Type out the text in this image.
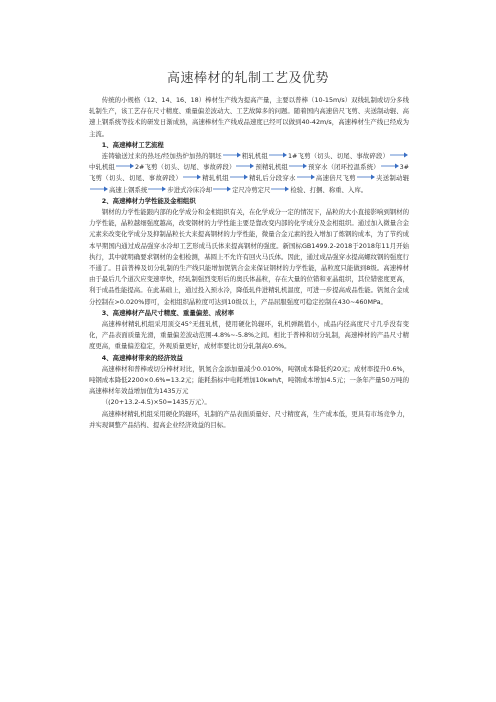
高速棒材的轧制工艺及优势

传统的小规格（12、14、16、18）棒材生产线为提高产量，主要以普棒（10-15m/s）双线轧制或切分多线轧制生产，该工艺存在尺寸精度、重量偏差波动大、工艺故障多的问题。随着国内高速倍尺飞剪、夹送制动辊、高速上钢系统等技术的研发日渐成熟，高速棒材生产线成品速度已经可以做到40-42m/s，高速棒材生产线已经成为主流。

1、高速棒材工艺流程

连铸输送过来的热坯/经加热炉加热的钢坯	粗轧机组	1#飞剪（切头、切尾、事故碎段）
中轧机组	2#飞剪（切头、切尾、事故碎段）	预精轧机组	预穿水（闭环控温系统）	3#飞剪（切头、切尾、事故碎段）	精轧机组	精轧后分段穿水	高速倍尺飞剪	夹送制动辊
高速上钢系统	步进式冷床冷却	定尺冷剪定尺	检验、打捆、称重、入库。

2、高速棒材力学性能及金相组织

钢材的力学性能跟内部的化学成分和金相组织有关，在化学成分一定的情况下，晶粒的大小直接影响到钢材的力学性能，晶粒越细强度越高，改变钢材的力学性能主要是靠改变内部的化学成分及金相组织。通过加入微量合金元素来改变化学成分及抑制晶粒长大来提高钢材的力学性能，微量合金元素的投入增加了炼钢的成本，为了节约成本早期国内通过成品强穿水冷却工艺形成马氏体来提高钢材的强度。新国标GB1499.2-2018于2018年11月开始执行，其中就明确要求钢材的金相检测，基圆上不允许有回火马氏体。因此，通过成品强穿水提高螺纹钢的强度行不通了。目前普棒及切分轧制的生产线只能增加铌钒合金来保证钢材的力学性能，晶粒度只能做到8级。高速棒材由于最后几个道次应变速率快，经轧制强烈变形后的奥氏体晶粒，存在大量的位错和亚晶组织，其位错密度更高，利于成品性能提高。在此基础上，通过投入预水冷，降低轧件进精轧机温度，可进一步提高成品性能。钒氮合金成分控制在>0.020%即可，金相组织晶粒度可达到10级以上，产品屈服强度可稳定控制在430~460MPa。

3、高速棒材产品尺寸精度、重量偏差、成材率

高速棒材精轧机组采用顶交45°无扭轧机，使用硬化钨辊环，轧机弹跳值小，成品内径高度尺寸几乎没有变化，产品表面质量光滑，重量偏差波动范围-4.8%~-5.8%之间。相比于普棒和切分轧制，高速棒材的产品尺寸精度更高，重量偏差稳定，外观质量更好，成材率要比切分轧制高0.6%。

4、高速棒材带来的经济效益

高速棒材和普棒或切分棒材对比，钒氮合金添加量减少0.010%，吨钢成本降低约20元；成材率提升0.6%，吨钢成本降低2200×0.6%=13.2元；能耗指标中电耗增加10kwh/t，吨钢成本增加4.5元；一条年产量50万吨的高速棒材年效益增加值为1435万元

（(20+13.2-4.5)×50=1435万元）。

高速棒材精轧机组采用硬化钨辊环，轧制的产品表面质量好、尺寸精度高，生产成本低，更具有市场竞争力，并实现调整产品结构、提高企业经济效益的目标。
